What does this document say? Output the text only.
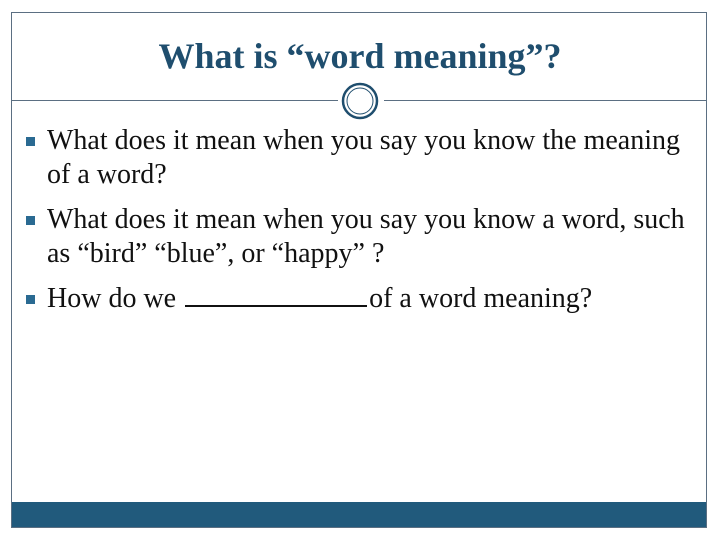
What is “word meaning”?
What does it mean when you say you know the meaning of a word?
What does it mean when you say you know a word, such as “bird” “blue”, or “happy” ?
How do we	of a word meaning?
